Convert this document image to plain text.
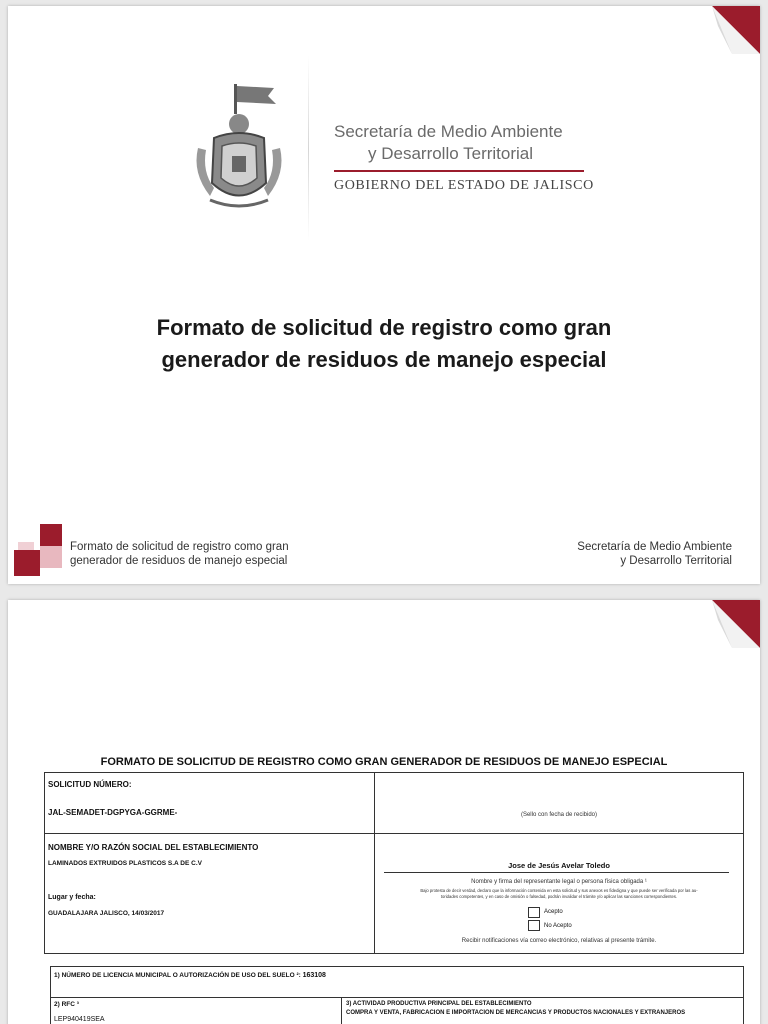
Secretaría de Medio Ambiente
y Desarrollo Territorial
GOBIERNO DEL ESTADO DE JALISCO
Formato de solicitud de registro como gran
generador de residuos de manejo especial
Formato de solicitud de registro como gran
generador de residuos de manejo especial
Secretaría de Medio Ambiente
y Desarrollo Territorial
FORMATO DE SOLICITUD DE REGISTRO COMO GRAN GENERADOR DE RESIDUOS DE MANEJO ESPECIAL
SOLICITUD NÚMERO:
JAL-SEMADET-DGPYGA-GGRME-
NOMBRE Y/O RAZÓN SOCIAL DEL ESTABLECIMIENTO
LAMINADOS EXTRUIDOS PLASTICOS S.A DE C.V
Lugar y fecha:
GUADALAJARA JALISCO, 14/03/2017
(Sello con fecha de recibido)
Jose de Jesús Avelar Toledo
Nombre y firma del representante legal o persona física obligada ¹
Bajo protesta de decir verdad, declaro que la información contenida en esta solicitud y sus anexos es fidedigna y que puede ser verificada por las au-
toridades competentes, y en caso de omisión o falsedad, podrán invalidar el trámite y/o aplicar las sanciones correspondientes.
Acepto
No Acepto
Recibir notificaciones vía correo electrónico, relativas al presente trámite.
1) NÚMERO DE LICENCIA MUNICIPAL O AUTORIZACIÓN DE USO DEL SUELO ²: 163108
2) RFC ³
LEP940419SEA
3) ACTIVIDAD PRODUCTIVA PRINCIPAL DEL ESTABLECIMIENTO
COMPRA Y VENTA, FABRICACION E IMPORTACION DE MERCANCIAS Y PRODUCTOS NACIONALES Y EXTRANJEROS
